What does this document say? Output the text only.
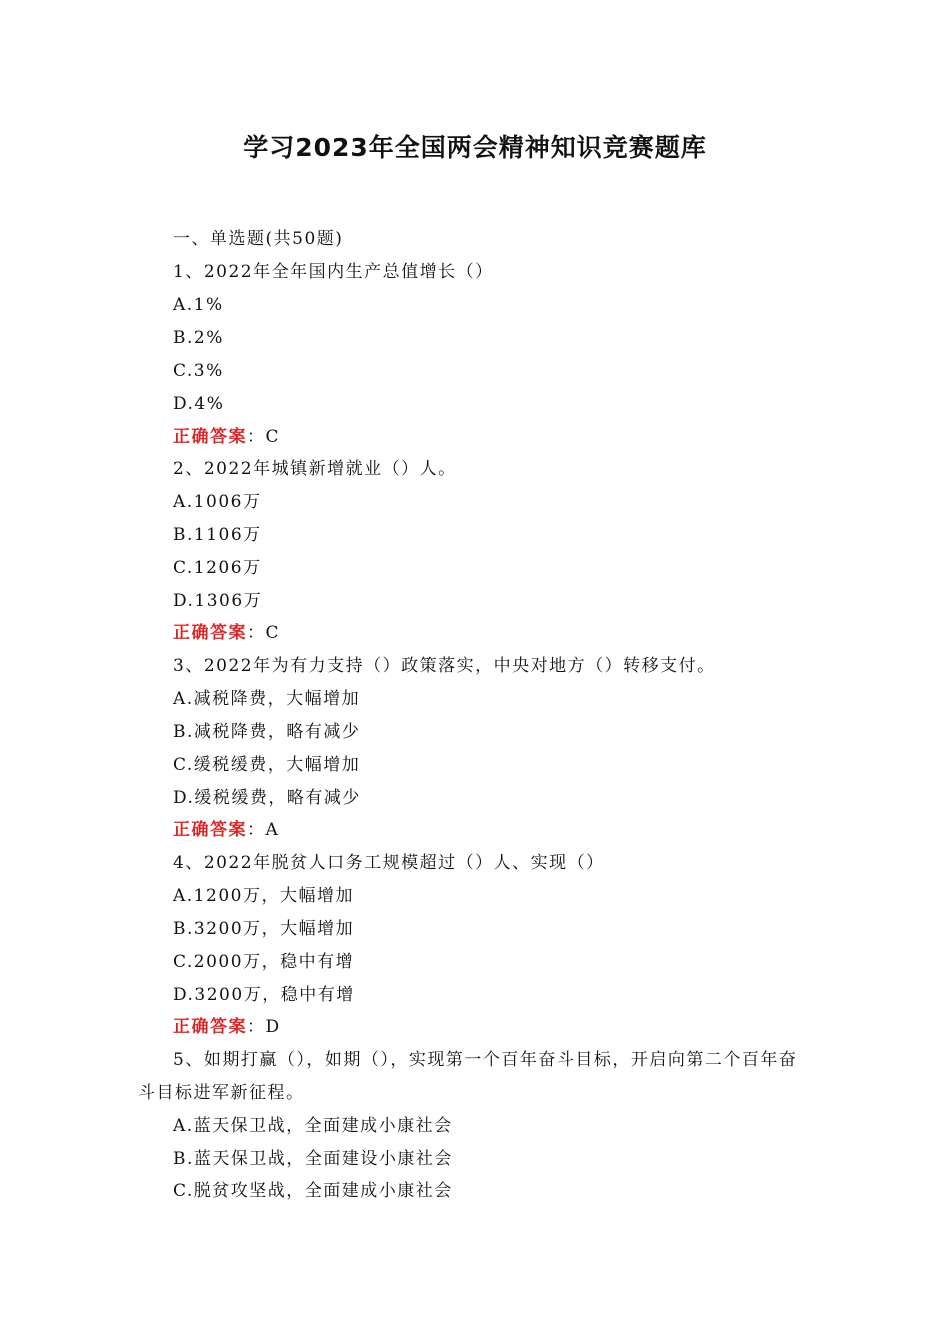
学习2023年全国两会精神知识竞赛题库
一、单选题(共50题)
1、2022年全年国内生产总值增长（）
A.1%
B.2%
C.3%
D.4%
正确答案：C
2、2022年城镇新增就业（）人。
A.1006万
B.1106万
C.1206万
D.1306万
正确答案：C
3、2022年为有力支持（）政策落实，中央对地方（）转移支付。
A.减税降费，大幅增加
B.减税降费，略有减少
C.缓税缓费，大幅增加
D.缓税缓费，略有减少
正确答案：A
4、2022年脱贫人口务工规模超过（）人、实现（）
A.1200万，大幅增加
B.3200万，大幅增加
C.2000万，稳中有增
D.3200万，稳中有增
正确答案：D
5、如期打赢（），如期（），实现第一个百年奋斗目标，开启向第二个百年奋
斗目标进军新征程。
A.蓝天保卫战，全面建成小康社会
B.蓝天保卫战，全面建设小康社会
C.脱贫攻坚战，全面建成小康社会
